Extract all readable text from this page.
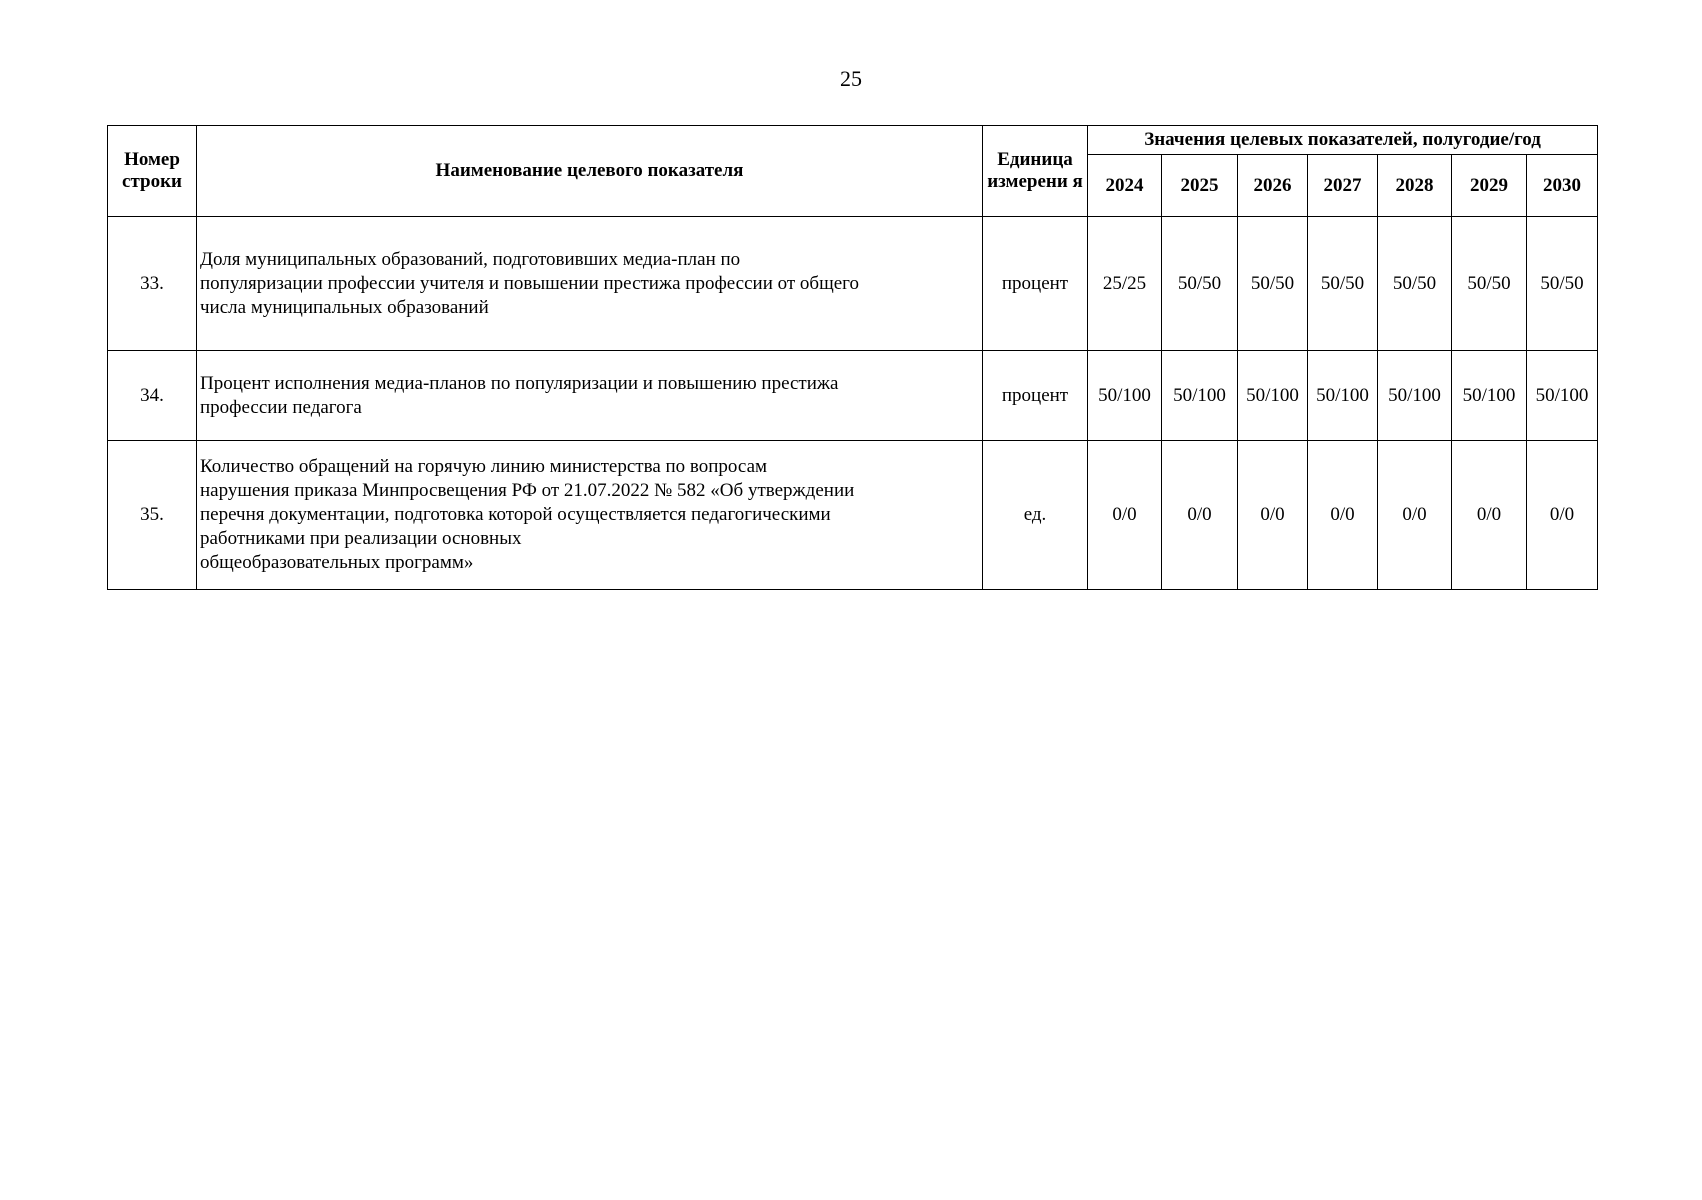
25
Номер строки	Наименование целевого показателя	Единица измерени я	Значения целевых показателей, полугодие/год						
			2024	2025	2026	2027	2028	2029	2030
33.	Доля муниципальных образований, подготовивших медиа-план по
популяризации профессии учителя и повышении престижа профессии от общего
числа муниципальных образований	процент	25/25	50/50	50/50	50/50	50/50	50/50	50/50
34.	Процент исполнения медиа-планов по популяризации и повышению престижа
профессии педагога	процент	50/100	50/100	50/100	50/100	50/100	50/100	50/100
35.	Количество обращений на горячую линию министерства по вопросам
нарушения приказа Минпросвещения РФ от 21.07.2022 № 582 «Об утверждении
перечня документации, подготовка которой осуществляется педагогическими
работниками при реализации основных
общеобразовательных программ»	ед.	0/0	0/0	0/0	0/0	0/0	0/0	0/0
